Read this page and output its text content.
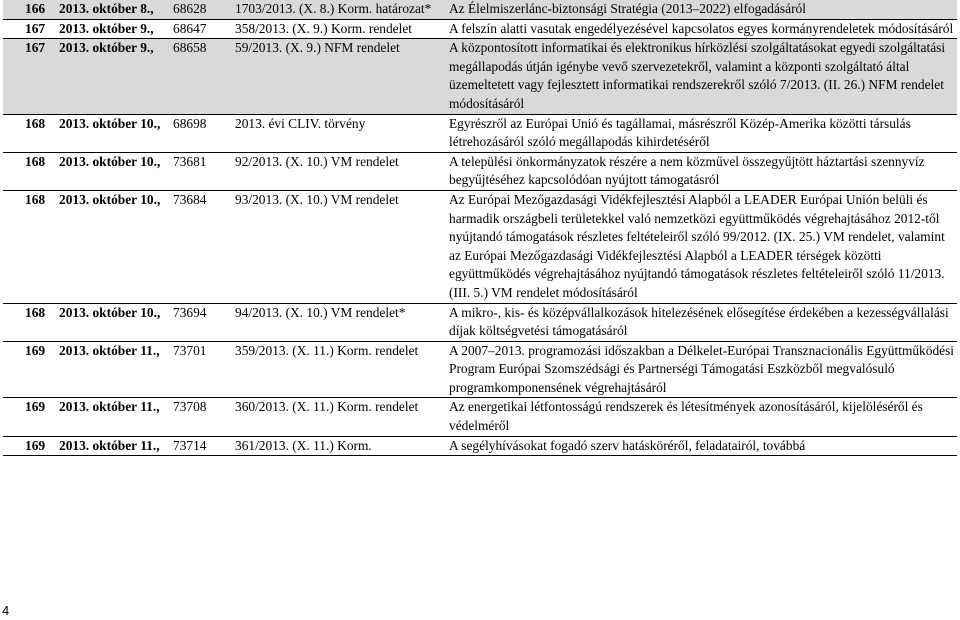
166	2013. október 8.,	68628	1703/2013. (X. 8.) Korm. határozat*	Az Élelmiszerlánc-biztonsági Stratégia (2013–2022) elfogadásáról
167	2013. október 9.,	68647	358/2013. (X. 9.) Korm. rendelet	A felszín alatti vasutak engedélyezésével kapcsolatos egyes kormányrendeletek módosításáról
167	2013. október 9.,	68658	59/2013. (X. 9.) NFM rendelet	A központosított informatikai és elektronikus hírközlési szolgáltatásokat egyedi szolgáltatási megállapodás útján igénybe vevő szervezetekről, valamint a központi szolgáltató által üzemeltetett vagy fejlesztett informatikai rendszerekről szóló 7/2013. (II. 26.) NFM rendelet módosításáról
168	2013. október 10.,	68698	2013. évi CLIV. törvény	Egyrészről az Európai Unió és tagállamai, másrészről Közép-Amerika közötti társulás létrehozásáról szóló megállapodás kihirdetéséről
168	2013. október 10.,	73681	92/2013. (X. 10.) VM rendelet	A települési önkormányzatok részére a nem közművel összegyűjtött háztartási szennyvíz begyűjtéséhez kapcsolódóan nyújtott támogatásról
168	2013. október 10.,	73684	93/2013. (X. 10.) VM rendelet	Az Európai Mezőgazdasági Vidékfejlesztési Alapból a LEADER Európai Unión belüli és harmadik országbeli területekkel való nemzetközi együttműködés végrehajtásához 2012-től nyújtandó támogatások részletes feltételeiről szóló 99/2012. (IX. 25.) VM rendelet, valamint az Európai Mezőgazdasági Vidékfejlesztési Alapból a LEADER térségek közötti együttműködés végrehajtásához nyújtandó támogatások részletes feltételeiről szóló 11/2013. (III. 5.) VM rendelet módosításáról
168	2013. október 10.,	73694	94/2013. (X. 10.) VM rendelet*	A mikro-, kis- és középvállalkozások hitelezésének elősegítése érdekében a kezességvállalási díjak költségvetési támogatásáról
169	2013. október 11.,	73701	359/2013. (X. 11.) Korm. rendelet	A 2007–2013. programozási időszakban a Délkelet-Európai Transznacionális Együttműködési Program Európai Szomszédsági és Partnerségi Támogatási Eszközből megvalósuló programkomponensének végrehajtásáról
169	2013. október 11.,	73708	360/2013. (X. 11.) Korm. rendelet	Az energetikai létfontosságú rendszerek és létesítmények azonosításáról, kijelöléséről és védelméről
169	2013. október 11.,	73714	361/2013. (X. 11.) Korm.	A segélyhívásokat fogadó szerv hatásköréről, feladatairól, továbbá
4
